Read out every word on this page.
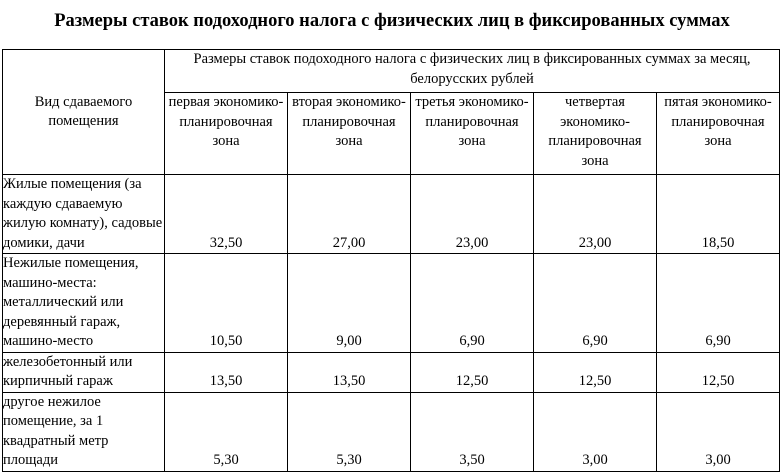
Размеры ставок подоходного налога с физических лиц в фиксированных суммах
Вид сдаваемого помещения	Размеры ставок подоходного налога с физических лиц в фиксированных суммах за месяц, белорусских рублей				
	первая экономико-планировочная зона	вторая экономико-планировочная зона	третья экономико-планировочная зона	четвертая экономико-планировочная зона	пятая экономико-планировочная зона
Жилые помещения (за каждую сдаваемую жилую комнату), садовые домики, дачи	32,50	27,00	23,00	23,00	18,50
Нежилые помещения, машино-места: металлический или деревянный гараж, машино-место	10,50	9,00	6,90	6,90	6,90
железобетонный или кирпичный гараж	13,50	13,50	12,50	12,50	12,50
другое нежилое помещение, за 1 квадратный метр площади	5,30	5,30	3,50	3,00	3,00
